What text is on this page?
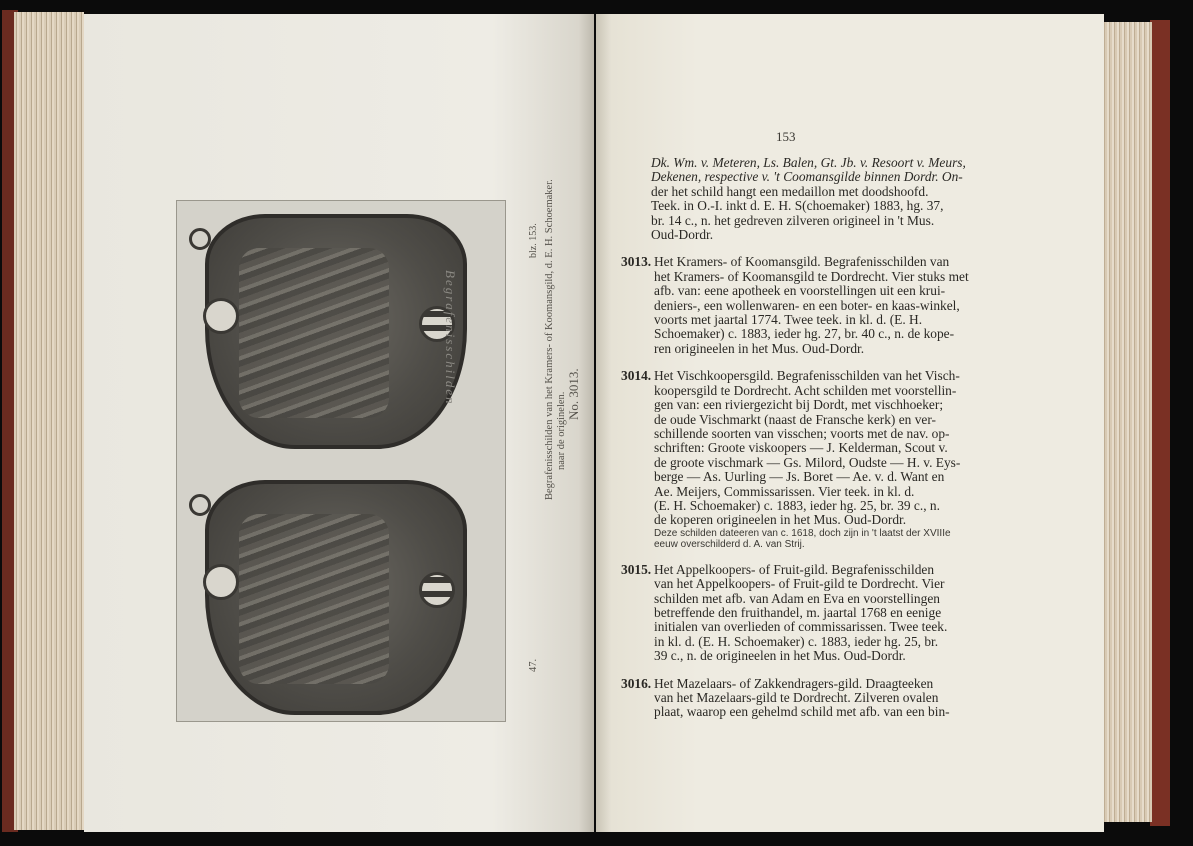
Begrafenisschilden
47.
Begrafenisschilden van het Kramers- of Koomansgild, d. E. H. Schoemaker.
blz. 153.
naar de originelen. No. 3013.
153
Dk. Wm. v. Meteren, Ls. Balen, Gt. Jb. v. Resoort v. Meurs,
Dekenen, respective v. 't Coomansgilde binnen Dordr. On-
der het schild hangt een medaillon met doodshoofd.
Teek. in O.-I. inkt d. E. H. S(choemaker) 1883, hg. 37,
br. 14 c., n. het gedreven zilveren origineel in 't Mus.
Oud-Dordr.
3013. Het Kramers- of Koomansgild. Begrafenisschilden van
het Kramers- of Koomansgild te Dordrecht. Vier stuks met
afb. van: eene apotheek en voorstellingen uit een krui-
deniers-, een wollenwaren- en een boter- en kaas-winkel,
voorts met jaartal 1774. Twee teek. in kl. d. (E. H.
Schoemaker) c. 1883, ieder hg. 27, br. 40 c., n. de kope-
ren origineelen in het Mus. Oud-Dordr.
3014. Het Vischkoopersgild. Begrafenisschilden van het Visch-
koopersgild te Dordrecht. Acht schilden met voorstellin-
gen van: een riviergezicht bij Dordt, met vischhoeker;
de oude Vischmarkt (naast de Fransche kerk) en ver-
schillende soorten van visschen; voorts met de nav. op-
schriften: Groote viskoopers — J. Kelderman, Scout v.
de groote vischmark — Gs. Milord, Oudste — H. v. Eys-
berge — As. Uurling — Js. Boret — Ae. v. d. Want en
Ae. Meijers, Commissarissen. Vier teek. in kl. d.
(E. H. Schoemaker) c. 1883, ieder hg. 25, br. 39 c., n.
de koperen origineelen in het Mus. Oud-Dordr.
Deze schilden dateeren van c. 1618, doch zijn in 't laatst der XVIIIe
eeuw overschilderd d. A. van Strij.
3015. Het Appelkoopers- of Fruit-gild. Begrafenisschilden
van het Appelkoopers- of Fruit-gild te Dordrecht. Vier
schilden met afb. van Adam en Eva en voorstellingen
betreffende den fruithandel, m. jaartal 1768 en eenige
initialen van overlieden of commissarissen. Twee teek.
in kl. d. (E. H. Schoemaker) c. 1883, ieder hg. 25, br.
39 c., n. de origineelen in het Mus. Oud-Dordr.
3016. Het Mazelaars- of Zakkendragers-gild. Draagteeken
van het Mazelaars-gild te Dordrecht. Zilveren ovalen
plaat, waarop een gehelmd schild met afb. van een bin-
